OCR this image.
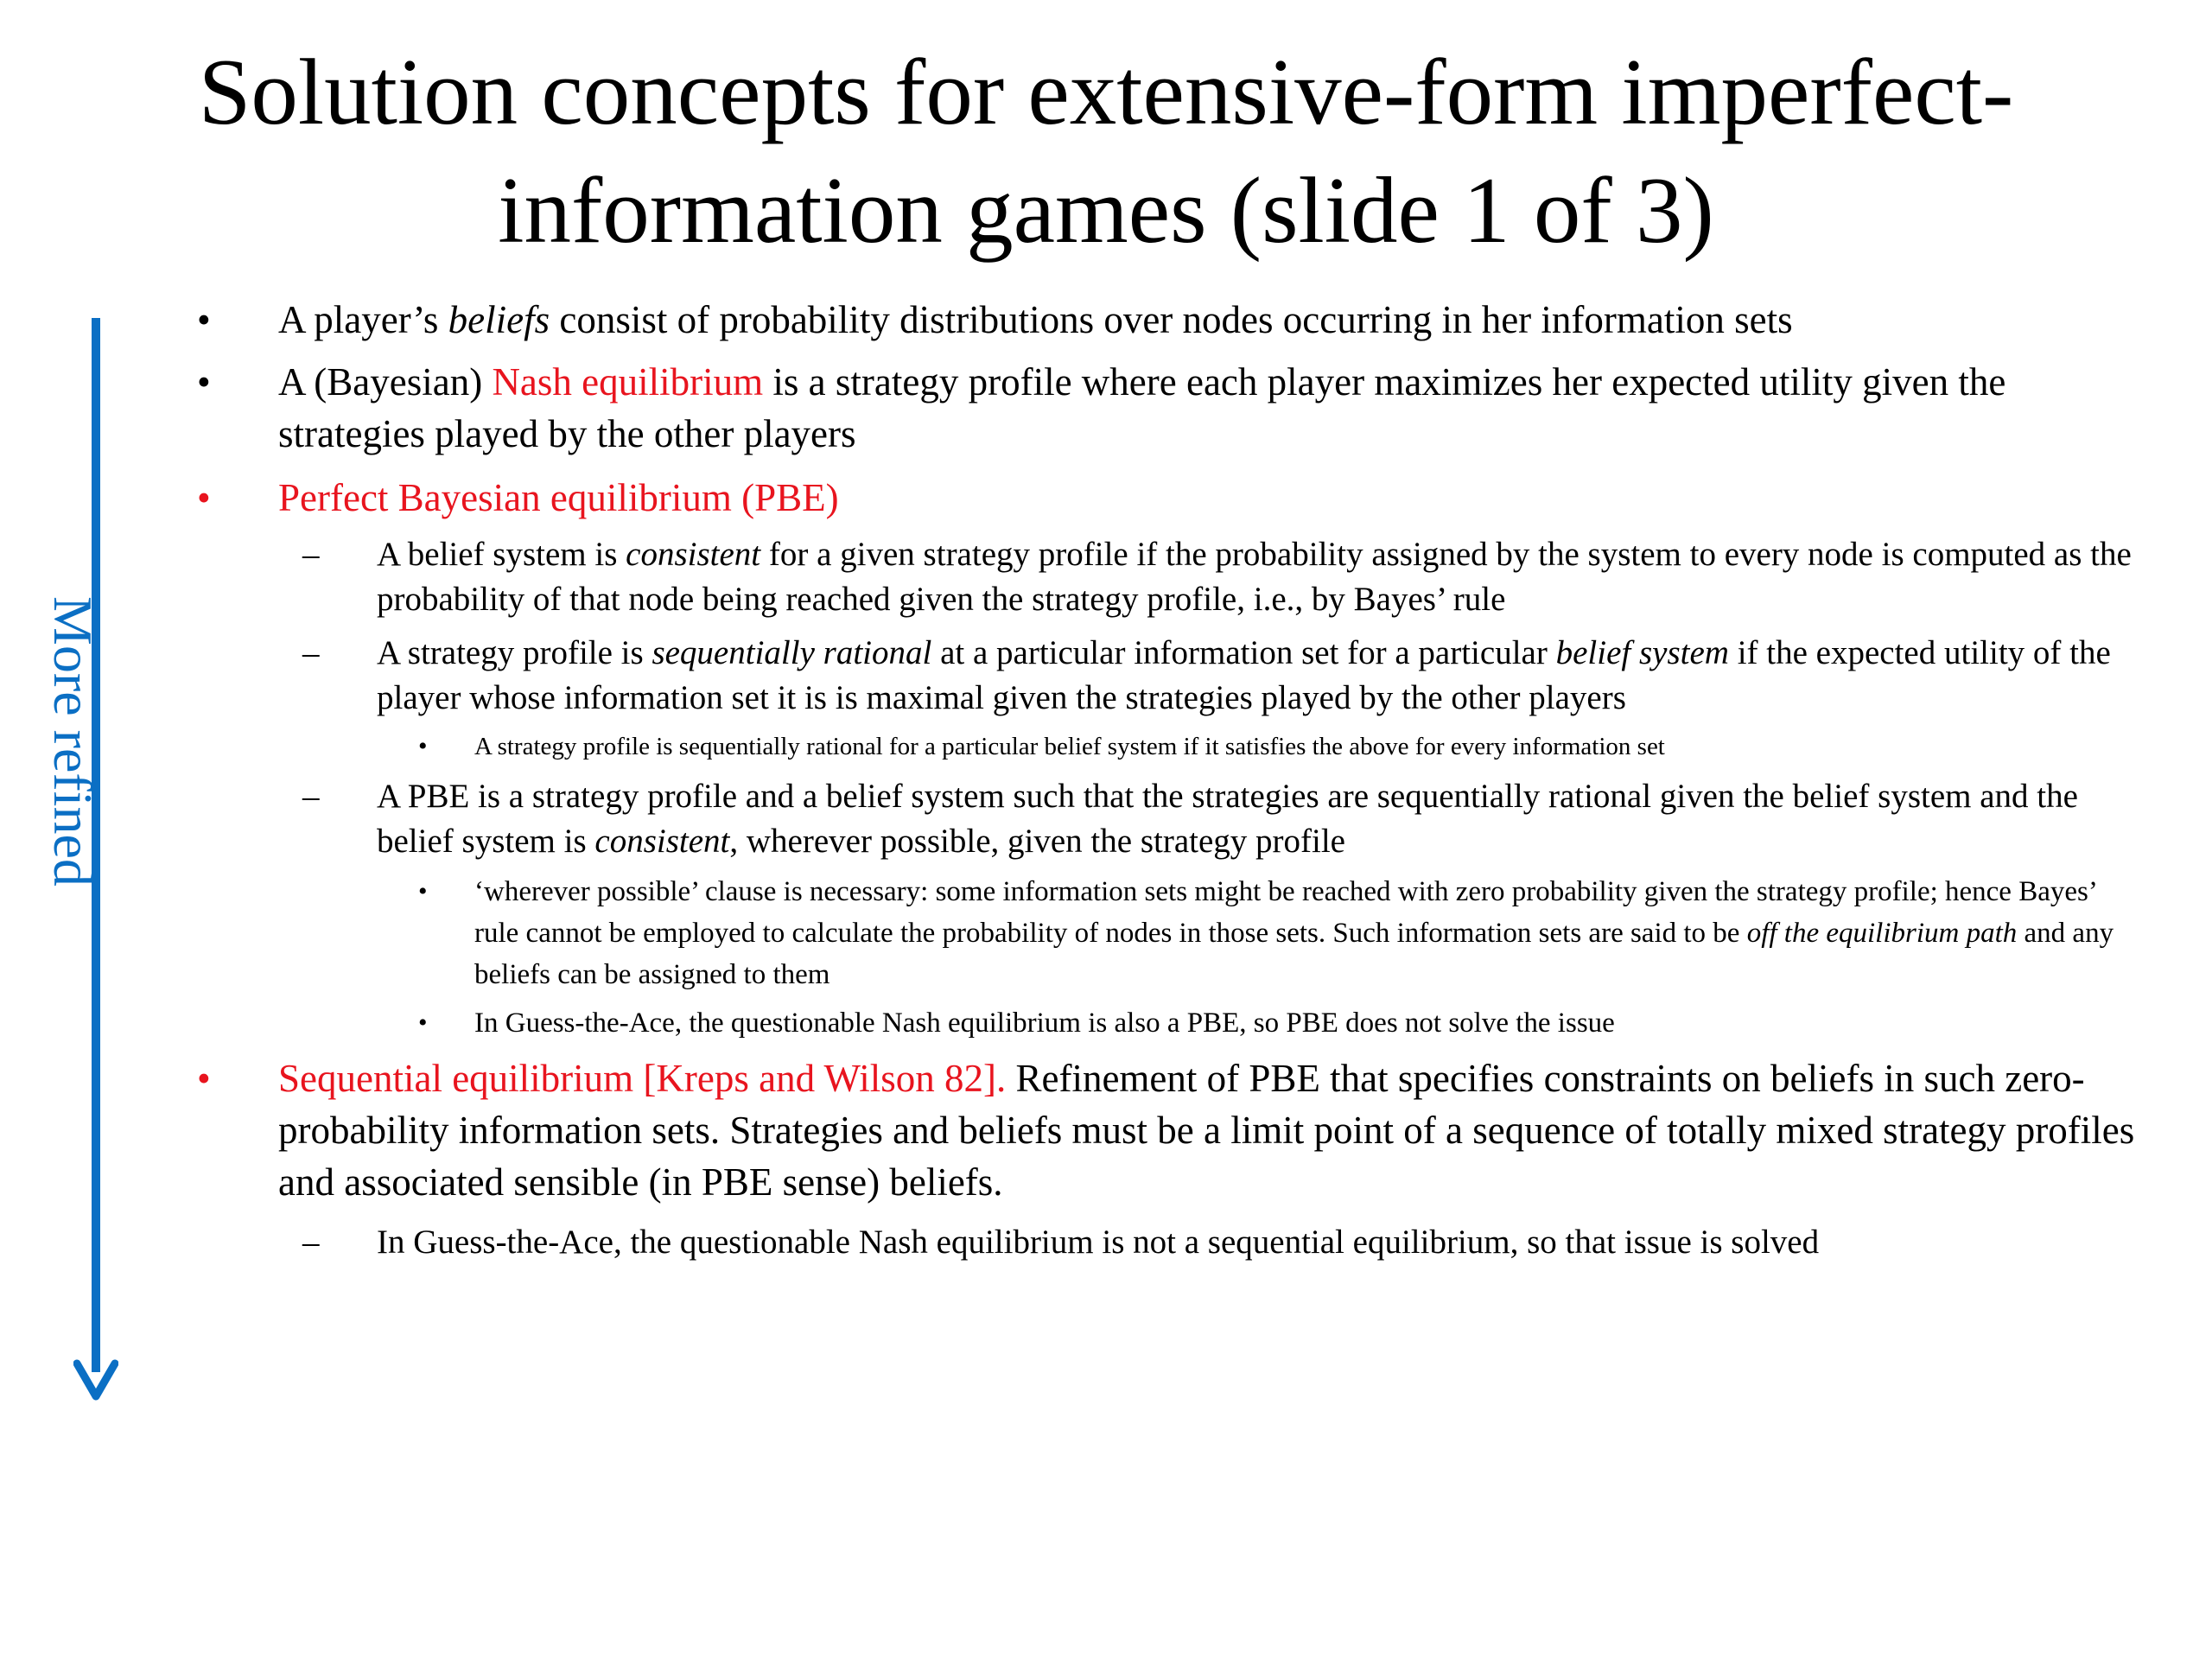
Solution concepts for extensive-form imperfect-
information games (slide 1 of 3)
More refined
• A player’s beliefs consist of probability distributions over nodes occurring in her information sets

• A (Bayesian) Nash equilibrium is a strategy profile where each player maximizes her expected utility given the strategies played by the other players

• Perfect Bayesian equilibrium (PBE)

– A belief system is consistent for a given strategy profile if the probability assigned by the system to every node is computed as the probability of that node being reached given the strategy profile, i.e., by Bayes’ rule

– A strategy profile is sequentially rational at a particular information set for a particular belief system if the expected utility of the player whose information set it is is maximal given the strategies played by the other players

• A strategy profile is sequentially rational for a particular belief system if it satisfies the above for every information set

– A PBE is a strategy profile and a belief system such that the strategies are sequentially rational given the belief system and the belief system is consistent, wherever possible, given the strategy profile

• ‘wherever possible’ clause is necessary: some information sets might be reached with zero probability given the strategy profile; hence Bayes’ rule cannot be employed to calculate the probability of nodes in those sets. Such information sets are said to be off the equilibrium path and any beliefs can be assigned to them

• In Guess-the-Ace, the questionable Nash equilibrium is also a PBE, so PBE does not solve the issue

• Sequential equilibrium [Kreps and Wilson 82]. Refinement of PBE that specifies constraints on beliefs in such zero-probability information sets. Strategies and beliefs must be a limit point of a sequence of totally mixed strategy profiles and associated sensible (in PBE sense) beliefs.

– In Guess-the-Ace, the questionable Nash equilibrium is not a sequential equilibrium, so that issue is solved
